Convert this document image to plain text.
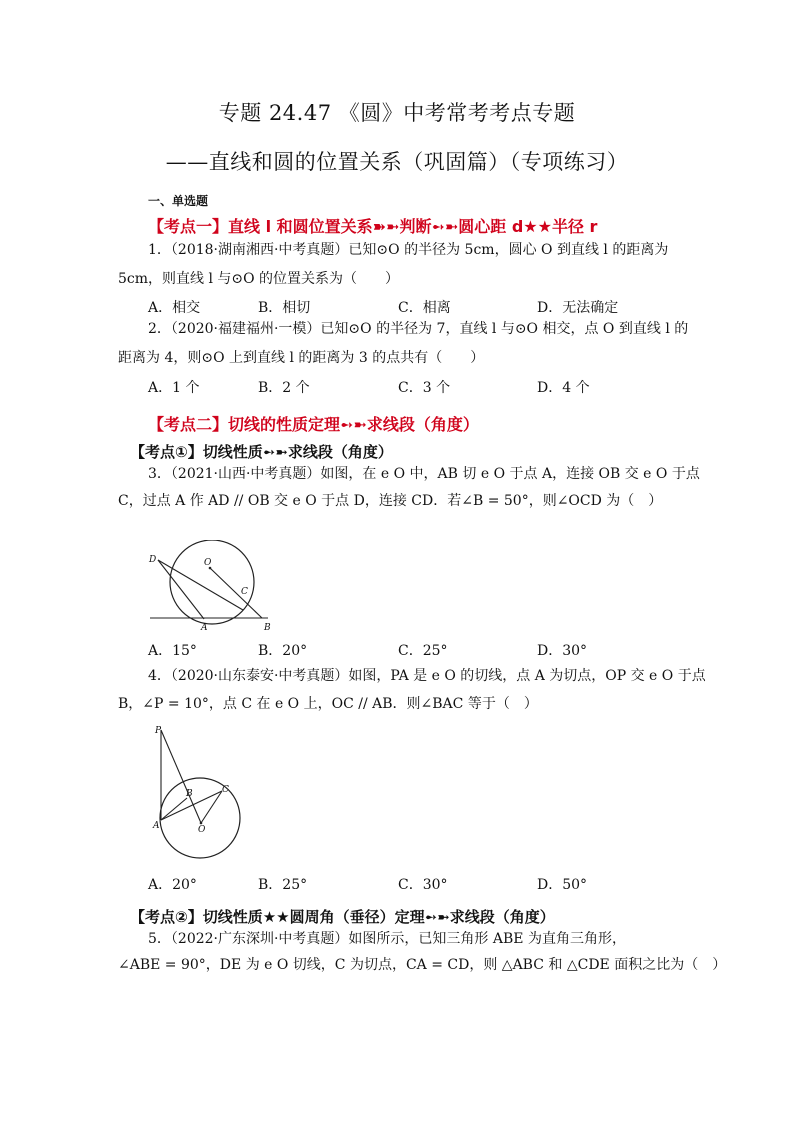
专题 24.47 《圆》中考常考考点专题
——直线和圆的位置关系（巩固篇）（专项练习）
一、单选题
【考点一】直线 l 和圆位置关系➽➼判断➻➼圆心距 d★★半径 r
1．（2018·湖南湘西·中考真题）已知⊙O 的半径为 5cm，圆心 O 到直线 l 的距离为
5cm，则直线 l 与⊙O 的位置关系为（　　）
A．相交	B．相切	C．相离	D．无法确定
2．（2020·福建福州·一模）已知⊙O 的半径为 7，直线 l 与⊙O 相交，点 O 到直线 l 的
距离为 4，则⊙O 上到直线 l 的距离为 3 的点共有（　　）
A．1 个	B．2 个	C．3 个	D．4 个
【考点二】切线的性质定理➻➼求线段（角度）
【考点①】切线性质➻➼求线段（角度）
3．（2021·山西·中考真题）如图，在 e O 中，AB 切 e O 于点 A，连接 OB 交 e O 于点
C，过点 A 作 AD // OB 交 e O 于点 D，连接 CD．若∠B = 50°，则∠OCD 为（　）
D	O
C
A	B
A．15°	B．20°	C．25°	D．30°
4．（2020·山东泰安·中考真题）如图，PA 是 e O 的切线，点 A 为切点，OP 交 e O 于点
B，∠P = 10°，点 C 在 e O 上，OC // AB．则∠BAC 等于（　）
P
B	C
A	O
A．20°	B．25°	C．30°	D．50°
【考点②】切线性质★★圆周角（垂径）定理➻➼求线段（角度）
5．（2022·广东深圳·中考真题）如图所示，已知三角形 ABE 为直角三角形，
∠ABE = 90°，DE 为 e O 切线，C 为切点，CA = CD，则 △ABC 和 △CDE 面积之比为（　）
